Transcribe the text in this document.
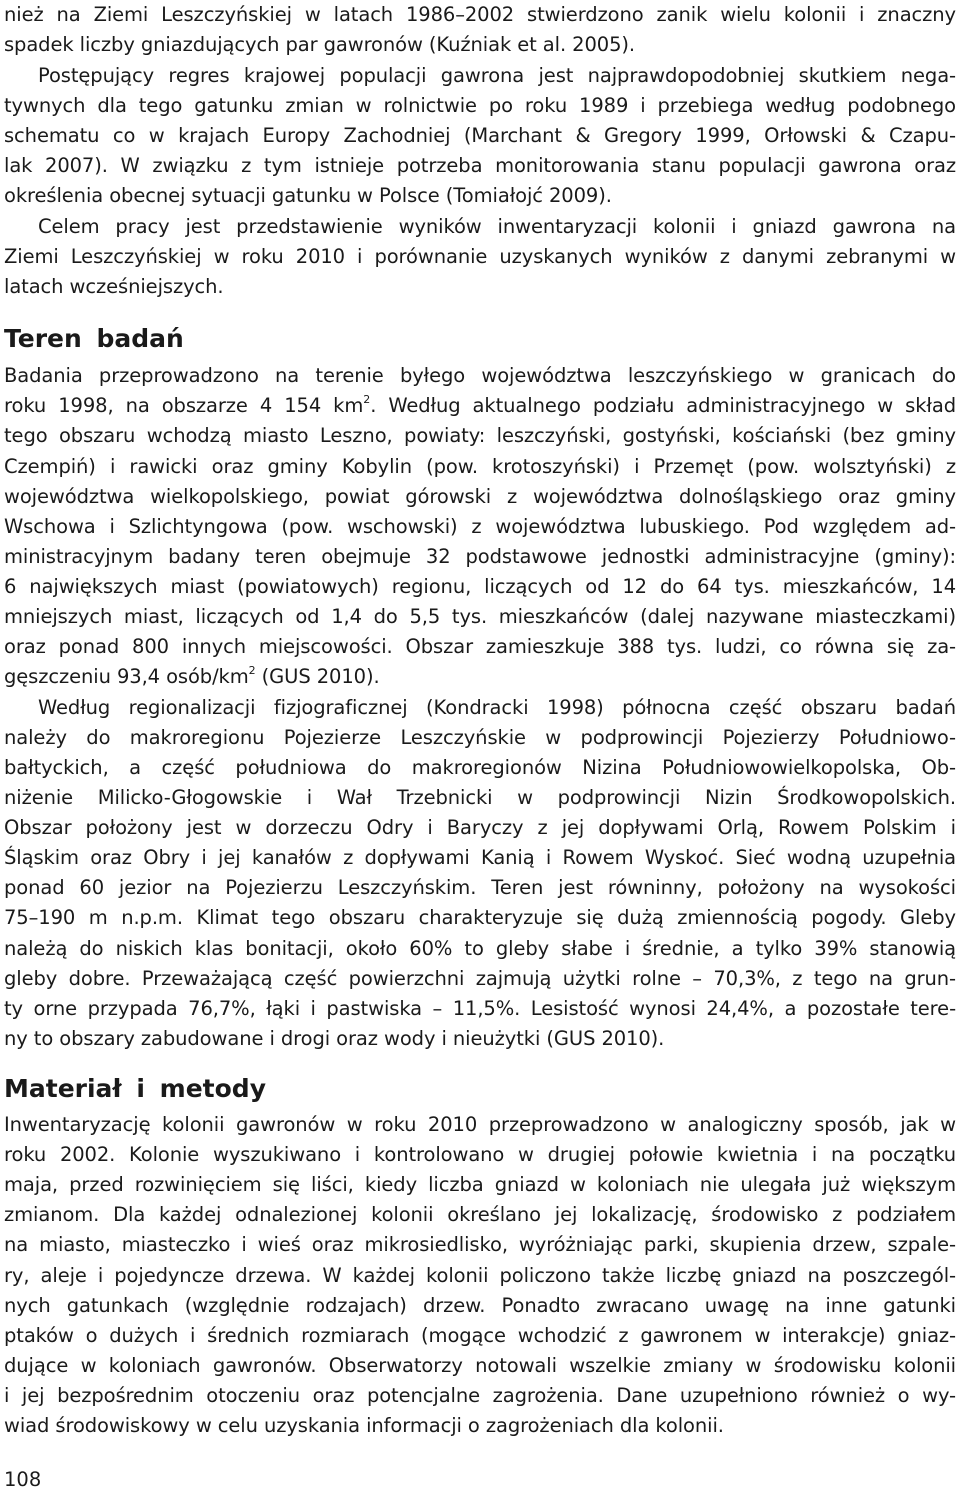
nież na Ziemi Leszczyńskiej w latach 1986–2002 stwierdzono zanik wielu kolonii i znaczny
spadek liczby gniazdujących par gawronów (Kuźniak et al. 2005).
Postępujący regres krajowej populacji gawrona jest najprawdopodobniej skutkiem nega-
tywnych dla tego gatunku zmian w rolnictwie po roku 1989 i przebiega według podobnego
schematu co w krajach Europy Zachodniej (Marchant & Gregory 1999, Orłowski & Czapu-
lak 2007). W związku z tym istnieje potrzeba monitorowania stanu populacji gawrona oraz
określenia obecnej sytuacji gatunku w Polsce (Tomiałojć 2009).
Celem pracy jest przedstawienie wyników inwentaryzacji kolonii i gniazd gawrona na
Ziemi Leszczyńskiej w roku 2010 i porównanie uzyskanych wyników z danymi zebranymi w
latach wcześniejszych.
Teren badań
Badania przeprowadzono na terenie byłego województwa leszczyńskiego w granicach do
roku 1998, na obszarze 4 154 $km^2$. Według aktualnego podziału administracyjnego w skład
tego obszaru wchodzą miasto Leszno, powiaty: leszczyński, gostyński, kościański (bez gminy
Czempiń) i rawicki oraz gminy Kobylin (pow. krotoszyński) i Przemęt (pow. wolsztyński) z
województwa wielkopolskiego, powiat górowski z województwa dolnośląskiego oraz gminy
Wschowa i Szlichtyngowa (pow. wschowski) z województwa lubuskiego. Pod względem ad-
ministracyjnym badany teren obejmuje 32 podstawowe jednostki administracyjne (gminy):
6 największych miast (powiatowych) regionu, liczących od 12 do 64 tys. mieszkańców, 14
mniejszych miast, liczących od 1,4 do 5,5 tys. mieszkańców (dalej nazywane miasteczkami)
oraz ponad 800 innych miejscowości. Obszar zamieszkuje 388 tys. ludzi, co równa się za-
gęszczeniu 93,4 osób/$km^2$ (GUS 2010).
Według regionalizacji fizjograficznej (Kondracki 1998) północna część obszaru badań
należy do makroregionu Pojezierze Leszczyńskie w podprowincji Pojezierzy Południowo-
bałtyckich, a część południowa do makroregionów Nizina Południowowielkopolska, Ob-
niżenie Milicko-Głogowskie i Wał Trzebnicki w podprowincji Nizin Środkowopolskich.
Obszar położony jest w dorzeczu Odry i Baryczy z jej dopływami Orlą, Rowem Polskim i
Śląskim oraz Obry i jej kanałów z dopływami Kanią i Rowem Wyskoć. Sieć wodną uzupełnia
ponad 60 jezior na Pojezierzu Leszczyńskim. Teren jest równinny, położony na wysokości
75–190 m n.p.m. Klimat tego obszaru charakteryzuje się dużą zmiennością pogody. Gleby
należą do niskich klas bonitacji, około 60% to gleby słabe i średnie, a tylko 39% stanowią
gleby dobre. Przeważającą część powierzchni zajmują użytki rolne – 70,3%, z tego na grun-
ty orne przypada 76,7%, łąki i pastwiska – 11,5%. Lesistość wynosi 24,4%, a pozostałe tere-
ny to obszary zabudowane i drogi oraz wody i nieużytki (GUS 2010).
Materiał i metody
Inwentaryzację kolonii gawronów w roku 2010 przeprowadzono w analogiczny sposób, jak w
roku 2002. Kolonie wyszukiwano i kontrolowano w drugiej połowie kwietnia i na początku
maja, przed rozwinięciem się liści, kiedy liczba gniazd w koloniach nie ulegała już większym
zmianom. Dla każdej odnalezionej kolonii określano jej lokalizację, środowisko z podziałem
na miasto, miasteczko i wieś oraz mikrosiedlisko, wyróżniając parki, skupienia drzew, szpale-
ry, aleje i pojedyncze drzewa. W każdej kolonii policzono także liczbę gniazd na poszczegól-
nych gatunkach (względnie rodzajach) drzew. Ponadto zwracano uwagę na inne gatunki
ptaków o dużych i średnich rozmiarach (mogące wchodzić z gawronem w interakcje) gniaz-
dujące w koloniach gawronów. Obserwatorzy notowali wszelkie zmiany w środowisku kolonii
i jej bezpośrednim otoczeniu oraz potencjalne zagrożenia. Dane uzupełniono również o wy-
wiad środowiskowy w celu uzyskania informacji o zagrożeniach dla kolonii.
108
